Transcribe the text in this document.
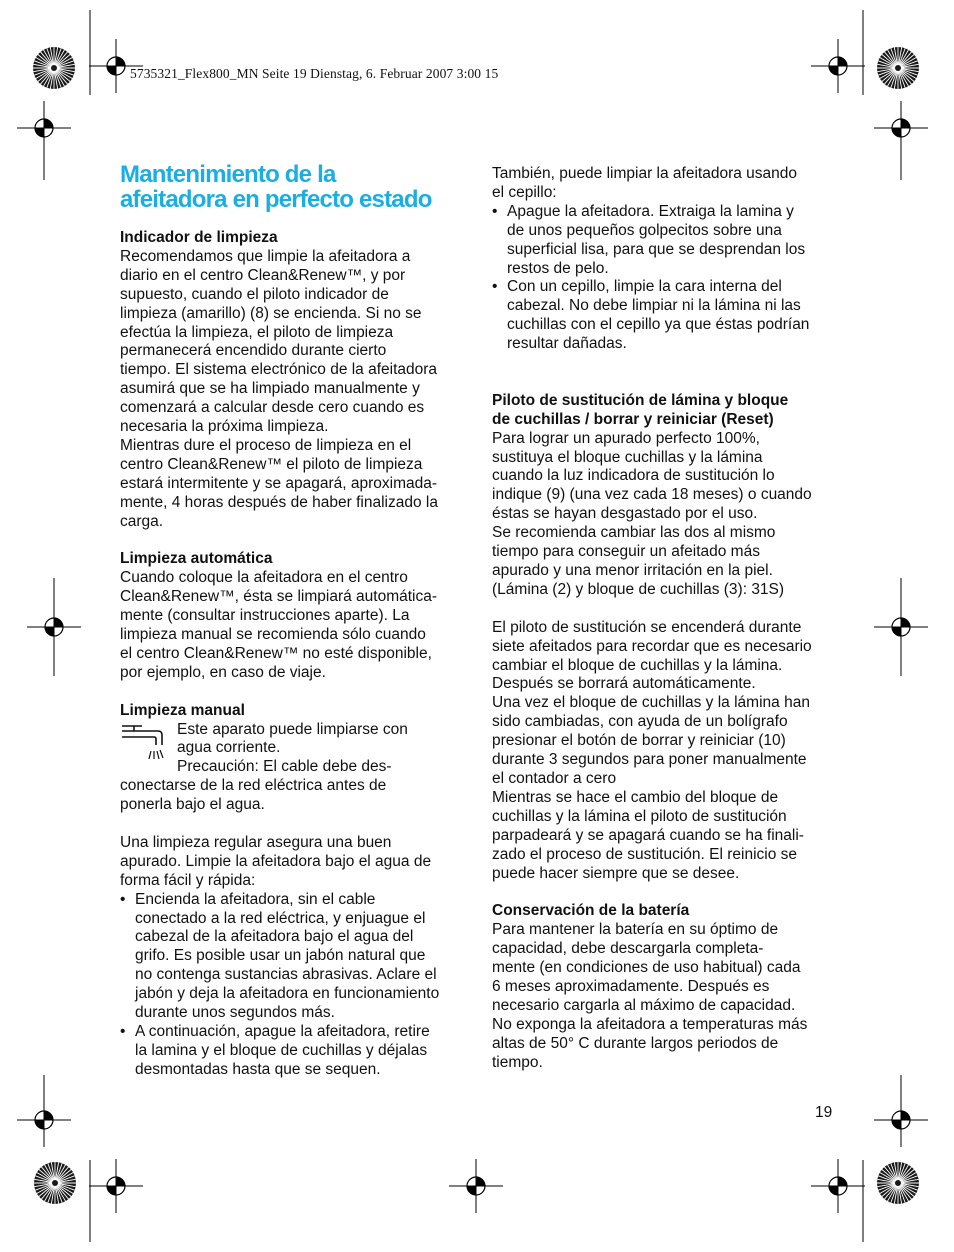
5735321_Flex800_MN Seite 19 Dienstag, 6. Februar 2007 3:00 15
Mantenimiento de la
afeitadora en perfecto estado
Indicador de limpieza
Recomendamos que limpie la afeitadora a
diario en el centro Clean&Renew™, y por
supuesto, cuando el piloto indicador de
limpieza (amarillo) (8) se encienda. Si no se
efectúa la limpieza, el piloto de limpieza
permanecerá encendido durante cierto
tiempo. El sistema electrónico de la afeitadora
asumirá que se ha limpiado manualmente y
comenzará a calcular desde cero cuando es
necesaria la próxima limpieza.
Mientras dure el proceso de limpieza en el
centro Clean&Renew™ el piloto de limpieza
estará intermitente y se apagará, aproximada-
mente, 4 horas después de haber finalizado la
carga.
Limpieza automática
Cuando coloque la afeitadora en el centro
Clean&Renew™, ésta se limpiará automática-
mente (consultar instrucciones aparte). La
limpieza manual se recomienda sólo cuando
el centro Clean&Renew™ no esté disponible,
por ejemplo, en caso de viaje.
Limpieza manual
Este aparato puede limpiarse con
agua corriente.
Precaución: El cable debe des-
conectarse de la red eléctrica antes de
ponerla bajo el agua.
Una limpieza regular asegura una buen
apurado. Limpie la afeitadora bajo el agua de
forma fácil y rápida:
• Encienda la afeitadora, sin el cable
conectado a la red eléctrica, y enjuague el
cabezal de la afeitadora bajo el agua del
grifo. Es posible usar un jabón natural que
no contenga sustancias abrasivas. Aclare el
jabón y deja la afeitadora en funcionamiento
durante unos segundos más.
• A continuación, apague la afeitadora, retire
la lamina y el bloque de cuchillas y déjalas
desmontadas hasta que se sequen.
También, puede limpiar la afeitadora usando
el cepillo:
• Apague la afeitadora. Extraiga la lamina y
de unos pequeños golpecitos sobre una
superficial lisa, para que se desprendan los
restos de pelo.
• Con un cepillo, limpie la cara interna del
cabezal. No debe limpiar ni la lámina ni las
cuchillas con el cepillo ya que éstas podrían
resultar dañadas.
Piloto de sustitución de lámina y bloque
de cuchillas / borrar y reiniciar (Reset)
Para lograr un apurado perfecto 100%,
sustituya el bloque cuchillas y la lámina
cuando la luz indicadora de sustitución lo
indique (9) (una vez cada 18 meses) o cuando
éstas se hayan desgastado por el uso.
Se recomienda cambiar las dos al mismo
tiempo para conseguir un afeitado más
apurado y una menor irritación en la piel.
(Lámina (2) y bloque de cuchillas (3): 31S)
El piloto de sustitución se encenderá durante
siete afeitados para recordar que es necesario
cambiar el bloque de cuchillas y la lámina.
Después se borrará automáticamente.
Una vez el bloque de cuchillas y la lámina han
sido cambiadas, con ayuda de un bolígrafo
presionar el botón de borrar y reiniciar (10)
durante 3 segundos para poner manualmente
el contador a cero
Mientras se hace el cambio del bloque de
cuchillas y la lámina el piloto de sustitución
parpadeará y se apagará cuando se ha finali-
zado el proceso de sustitución. El reinicio se
puede hacer siempre que se desee.
Conservación de la batería
Para mantener la batería en su óptimo de
capacidad, debe descargarla completa-
mente (en condiciones de uso habitual) cada
6 meses aproximadamente. Después es
necesario cargarla al máximo de capacidad.
No exponga la afeitadora a temperaturas más
altas de 50° C durante largos periodos de
tiempo.
19
